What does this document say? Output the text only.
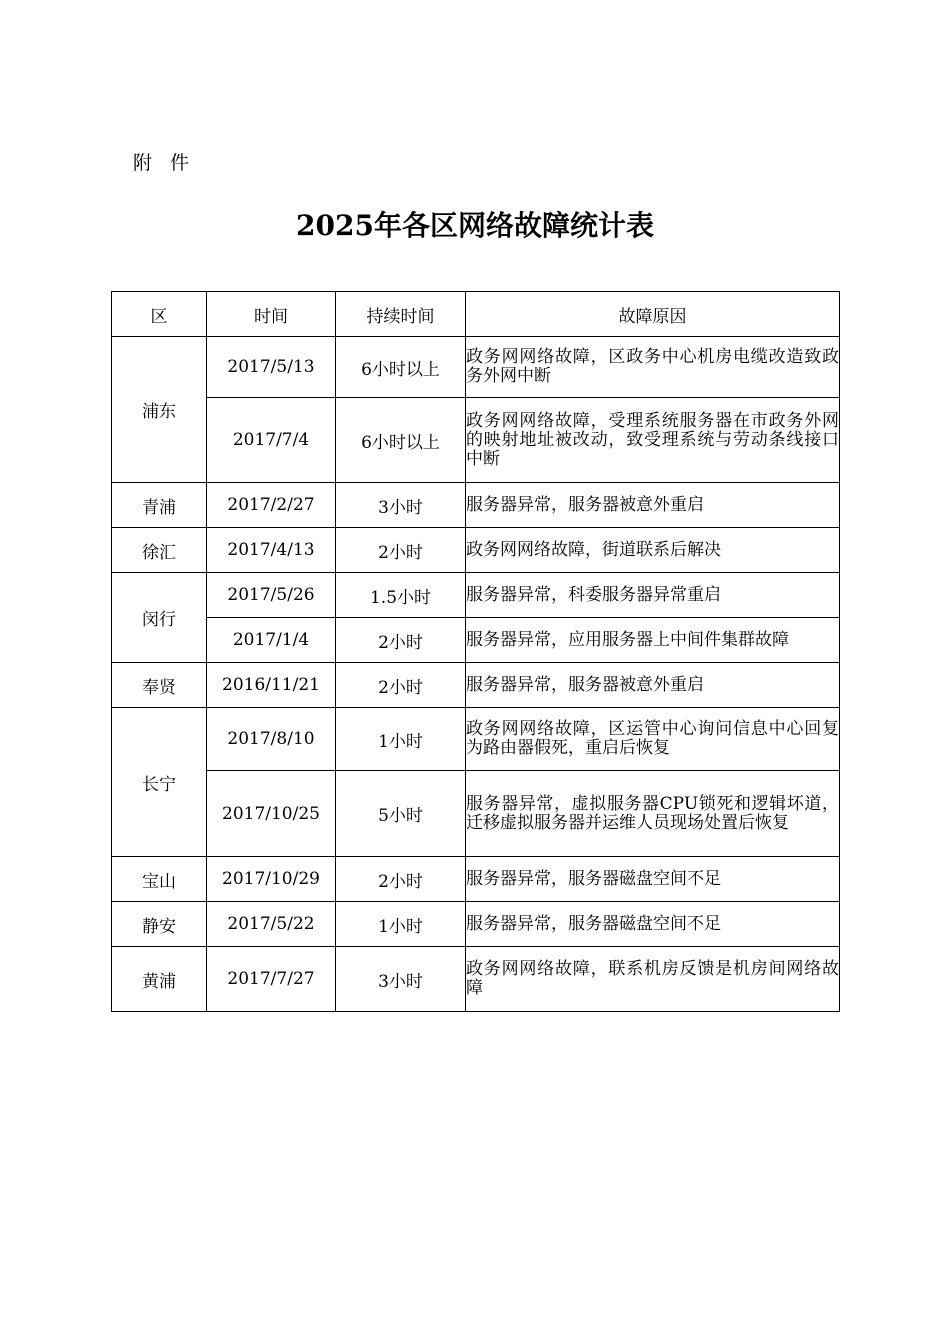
附 件
2025年各区网络故障统计表
区	时间	持续时间	故障原因
浦东	2017/5/13	6小时以上	政务网网络故障，区政务中心机房电缆改造致政务外网中断
	2017/7/4	6小时以上	政务网网络故障，受理系统服务器在市政务外网的映射地址被改动，致受理系统与劳动条线接口中断
青浦	2017/2/27	3小时	服务器异常，服务器被意外重启
徐汇	2017/4/13	2小时	政务网网络故障，街道联系后解决
闵行	2017/5/26	1.5小时	服务器异常，科委服务器异常重启
	2017/1/4	2小时	服务器异常，应用服务器上中间件集群故障
奉贤	2016/11/21	2小时	服务器异常，服务器被意外重启
长宁	2017/8/10	1小时	政务网网络故障，区运管中心询问信息中心回复为路由器假死，重启后恢复
	2017/10/25	5小时	服务器异常，虚拟服务器CPU锁死和逻辑坏道，迁移虚拟服务器并运维人员现场处置后恢复
宝山	2017/10/29	2小时	服务器异常，服务器磁盘空间不足
静安	2017/5/22	1小时	服务器异常，服务器磁盘空间不足
黄浦	2017/7/27	3小时	政务网网络故障，联系机房反馈是机房间网络故障
